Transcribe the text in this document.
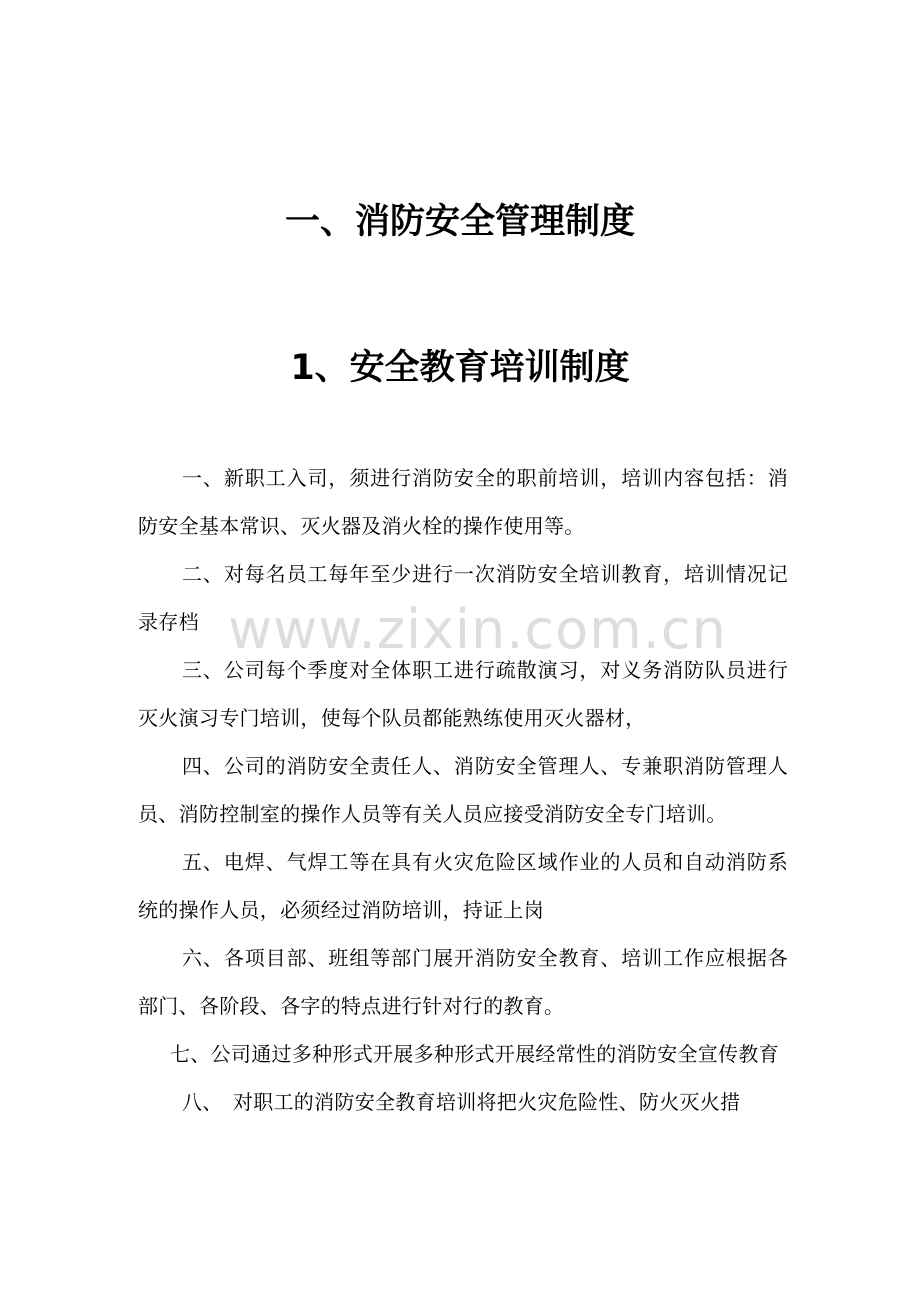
一、消防安全管理制度
1、安全教育培训制度

一、新职工入司，须进行消防安全的职前培训，培训内容包括：消防安全基本常识、灭火器及消火栓的操作使用等。

二、对每名员工每年至少进行一次消防安全培训教育，培训情况记录存档

三、公司每个季度对全体职工进行疏散演习，对义务消防队员进行灭火演习专门培训，使每个队员都能熟练使用灭火器材，

四、公司的消防安全责任人、消防安全管理人、专兼职消防管理人员、消防控制室的操作人员等有关人员应接受消防安全专门培训。

五、电焊、气焊工等在具有火灾危险区域作业的人员和自动消防系统的操作人员，必须经过消防培训，持证上岗

六、各项目部、班组等部门展开消防安全教育、培训工作应根据各部门、各阶段、各字的特点进行针对行的教育。

七、公司通过多种形式开展多种形式开展经常性的消防安全宣传教育

八、　对职工的消防安全教育培训将把火灾危险性、防火灭火措

www.zixin.com.cn
